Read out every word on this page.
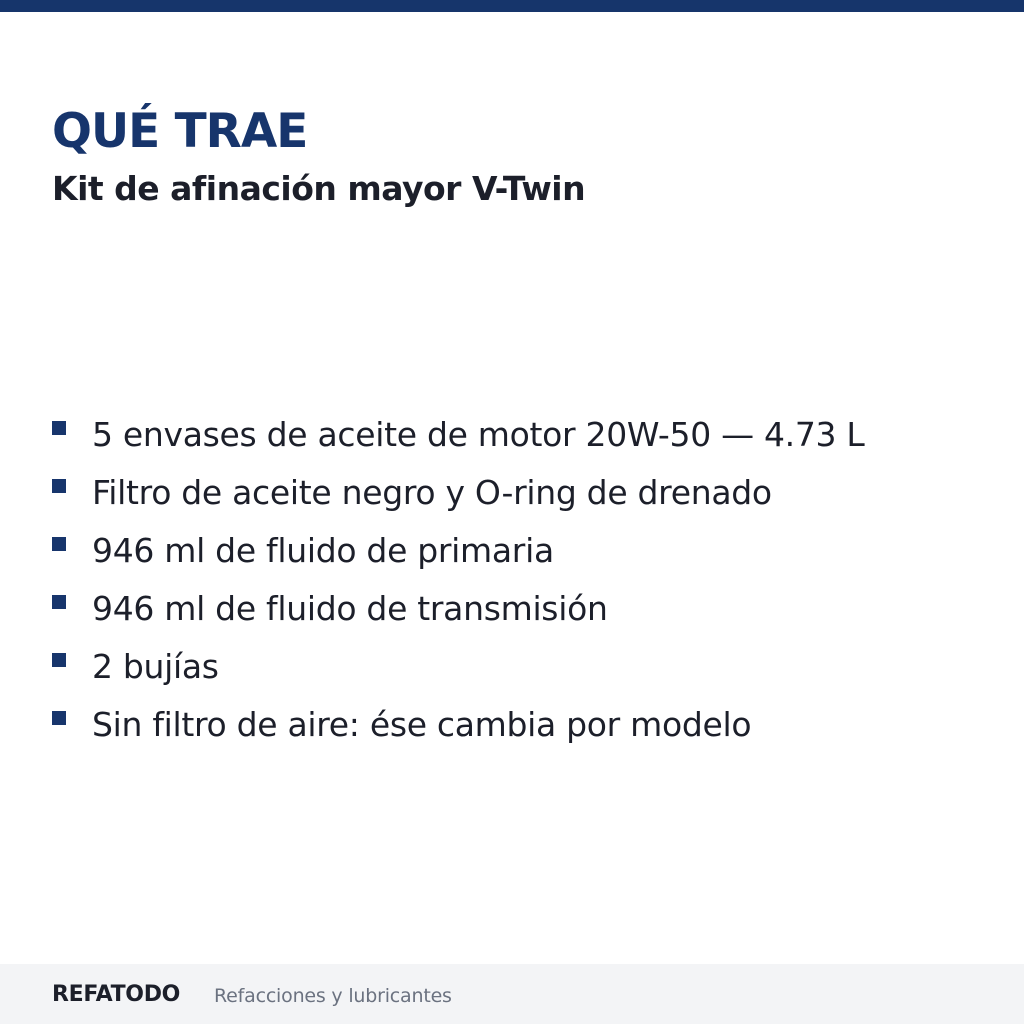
QUÉ TRAE
Kit de afinación mayor V-Twin
5 envases de aceite de motor 20W-50 — 4.73 L
Filtro de aceite negro y O-ring de drenado
946 ml de fluido de primaria
946 ml de fluido de transmisión
2 bujías
Sin filtro de aire: ése cambia por modelo
REFATODO Refacciones y lubricantes
